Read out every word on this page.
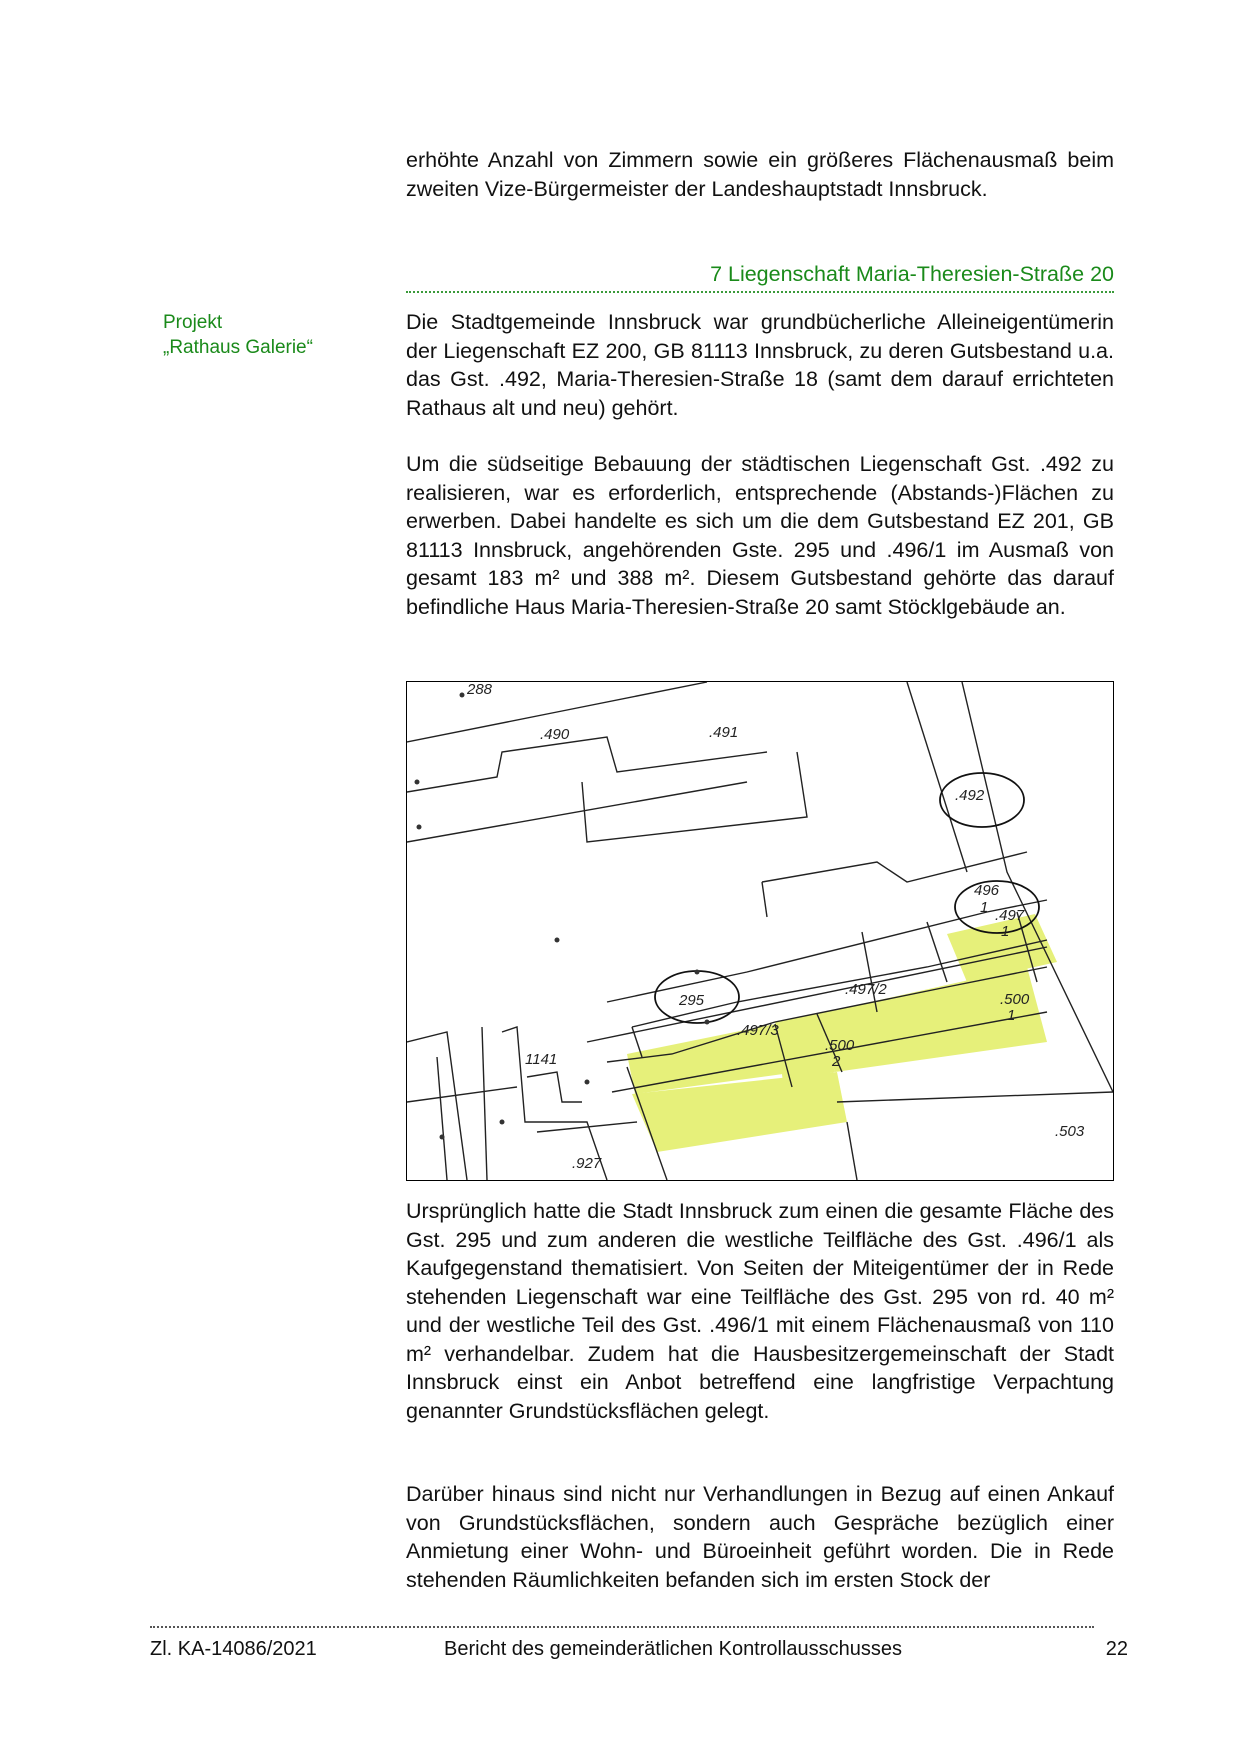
erhöhte Anzahl von Zimmern sowie ein größeres Flächenausmaß beim zweiten Vize-Bürgermeister der Landeshauptstadt Innsbruck.

7 Liegenschaft Maria-Theresien-Straße 20
Projekt
„Rathaus Galerie“

Die Stadtgemeinde Innsbruck war grundbücherliche Alleineigentümerin der Liegenschaft EZ 200, GB 81113 Innsbruck, zu deren Gutsbestand u.a. das Gst. .492, Maria-Theresien-Straße 18 (samt dem darauf errichteten Rathaus alt und neu) gehört.

Um die südseitige Bebauung der städtischen Liegenschaft Gst. .492 zu realisieren, war es erforderlich, entsprechende (Abstands-)Flächen zu erwerben. Dabei handelte es sich um die dem Gutsbestand EZ 201, GB 81113 Innsbruck, angehörenden Gste. 295 und .496/1 im Ausmaß von gesamt 183 m² und 388 m². Diesem Gutsbestand gehörte das darauf befindliche Haus Maria-Theresien-Straße 20 samt Stöcklgebäude an.

288
.490	.491
.492
496
1 .497
1
.497/2
.497/3
295	.500
1
.500
2
1141
.927
.503

Ursprünglich hatte die Stadt Innsbruck zum einen die gesamte Fläche des Gst. 295 und zum anderen die westliche Teilfläche des Gst. .496/1 als Kaufgegenstand thematisiert. Von Seiten der Miteigentümer der in Rede stehenden Liegenschaft war eine Teilfläche des Gst. 295 von rd. 40 m² und der westliche Teil des Gst. .496/1 mit einem Flächenausmaß von 110 m² verhandelbar. Zudem hat die Hausbesitzergemeinschaft der Stadt Innsbruck einst ein Anbot betreffend eine langfristige Verpachtung genannter Grundstücksflächen gelegt.

Darüber hinaus sind nicht nur Verhandlungen in Bezug auf einen Ankauf von Grundstücksflächen, sondern auch Gespräche bezüglich einer Anmietung einer Wohn- und Büroeinheit geführt worden. Die in Rede stehenden Räumlichkeiten befanden sich im ersten Stock der

Zl. KA-14086/2021	Bericht des gemeinderätlichen Kontrollausschusses	22
